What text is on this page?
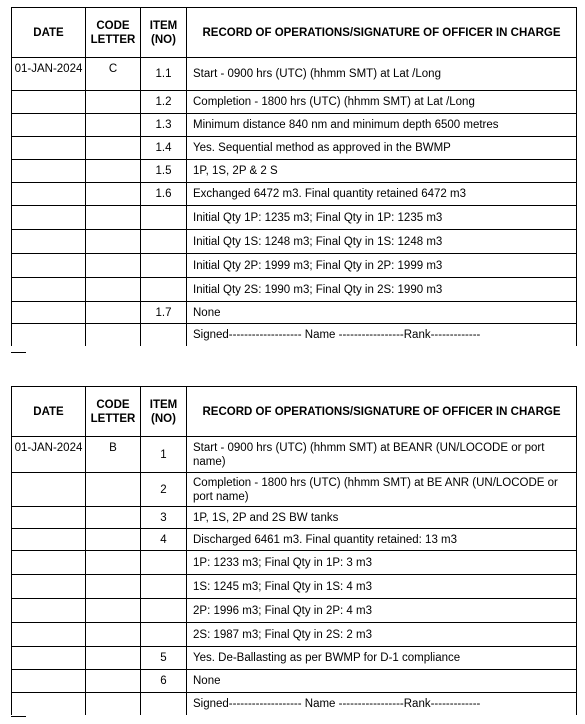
DATE	CODE LETTER	ITEM (NO)	RECORD OF OPERATIONS/SIGNATURE OF OFFICER IN CHARGE
01-JAN-2024	C	1.1	Start - 0900 hrs (UTC) (hhmm SMT) at Lat /Long
		1.2	Completion - 1800 hrs (UTC) (hhmm SMT) at Lat /Long
		1.3	Minimum distance 840 nm and minimum depth 6500 metres
		1.4	Yes. Sequential method as approved in the BWMP
		1.5	1P, 1S, 2P & 2 S
		1.6	Exchanged 6472 m3. Final quantity retained 6472 m3
			Initial Qty 1P: 1235 m3; Final Qty in 1P: 1235 m3
			Initial Qty 1S: 1248 m3; Final Qty in 1S: 1248 m3
			Initial Qty 2P: 1999 m3; Final Qty in 2P: 1999 m3
			Initial Qty 2S: 1990 m3; Final Qty in 2S: 1990 m3
		1.7	None
			Signed------------------- Name -----------------Rank-------------
DATE	CODE LETTER	ITEM (NO)	RECORD OF OPERATIONS/SIGNATURE OF OFFICER IN CHARGE
01-JAN-2024	B	1	Start - 0900 hrs (UTC) (hhmm SMT) at BEANR (UN/LOCODE or port name)
		2	Completion - 1800 hrs (UTC) (hhmm SMT) at BE ANR (UN/LOCODE or port name)
		3	1P, 1S, 2P and 2S BW tanks
		4	Discharged 6461 m3. Final quantity retained: 13 m3
			1P: 1233 m3; Final Qty in 1P: 3 m3
			1S: 1245 m3; Final Qty in 1S: 4 m3
			2P: 1996 m3; Final Qty in 2P: 4 m3
			2S: 1987 m3; Final Qty in 2S: 2 m3
		5	Yes. De-Ballasting as per BWMP for D-1 compliance
		6	None
			Signed------------------- Name -----------------Rank-------------
